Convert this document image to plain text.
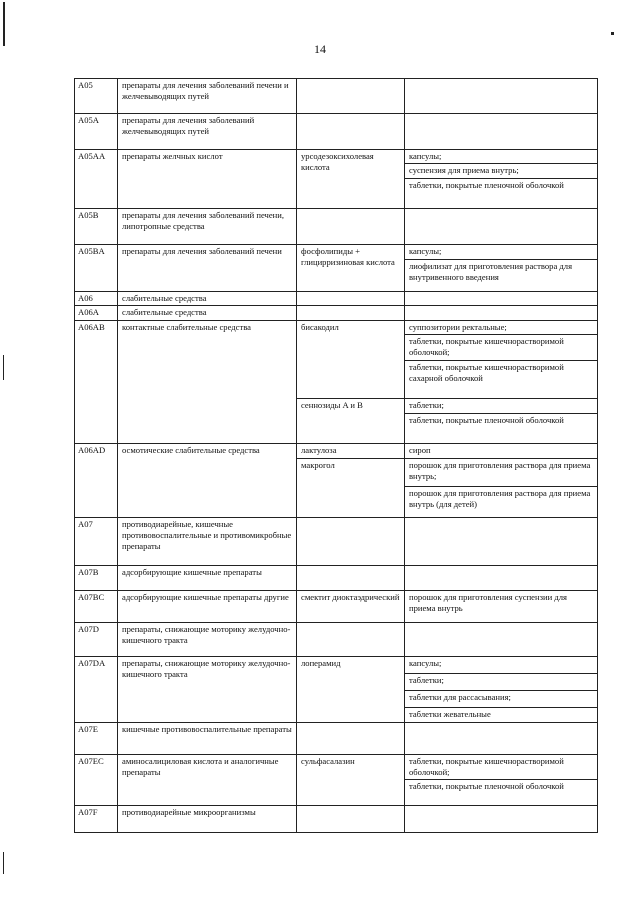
14
A05	препараты для лечения заболеваний печени и желчевыводящих путей		
A05A	препараты для лечения заболеваний желчевыводящих путей		
A05AA	препараты желчных кислот	урсодезоксихолевая кислота	капсулы;
			суспензия для приема внутрь;
			таблетки, покрытые пленочной оболочкой
A05B	препараты для лечения заболеваний печени, липотропные средства		
A05BA	препараты для лечения заболеваний печени	фосфолипиды + глицирризиновая кислота	капсулы;
			лиофилизат для приготовления раствора для внутривенного введения
A06	слабительные средства		
A06A	слабительные средства		
A06AB	контактные слабительные средства	бисакодил	суппозитории ректальные;
			таблетки, покрытые кишечнорастворимой оболочкой;
			таблетки, покрытые кишечнорастворимой сахарной оболочкой
		сеннозиды A и B	таблетки;
			таблетки, покрытые пленочной оболочкой
A06AD	осмотические слабительные средства	лактулоза	сироп
		макрогол	порошок для приготовления раствора для приема внутрь;
			порошок для приготовления раствора для приема внутрь (для детей)
A07	противодиарейные, кишечные противовоспалительные и противомикробные препараты		
A07B	адсорбирующие кишечные препараты		
A07BC	адсорбирующие кишечные препараты другие	смектит диоктаэдрический	порошок для приготовления суспензии для приема внутрь
A07D	препараты, снижающие моторику желудочно-кишечного тракта		
A07DA	препараты, снижающие моторику желудочно-кишечного тракта	лоперамид	капсулы;
			таблетки;
			таблетки для рассасывания;
			таблетки жевательные
A07E	кишечные противовоспалительные препараты		
A07EC	аминосалициловая кислота и аналогичные препараты	сульфасалазин	таблетки, покрытые кишечнорастворимой оболочкой;
			таблетки, покрытые пленочной оболочкой
A07F	противодиарейные микроорганизмы		
